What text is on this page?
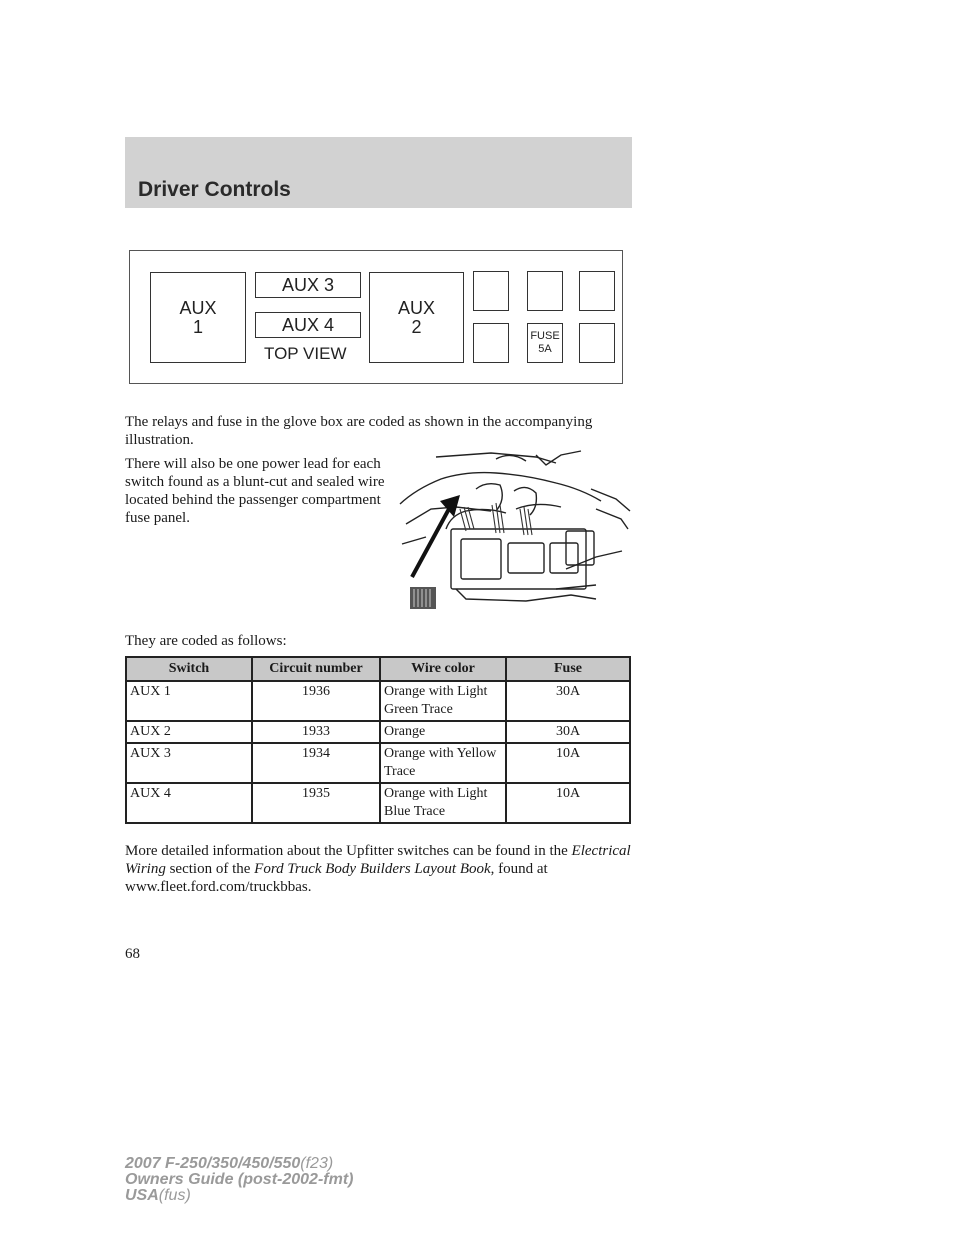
Driver Controls
AUX
1
AUX 3
AUX 4
TOP VIEW
AUX
2	FUSE
5A

The relays and fuse in the glove box are coded as shown in the accompanying illustration.

There will also be one power lead for each switch found as a blunt-cut and sealed wire located behind the passenger compartment fuse panel.

They are coded as follows:

Switch	Circuit number	Wire color	Fuse
AUX 1	1936	Orange with Light Green Trace	30A
AUX 2	1933	Orange	30A
AUX 3	1934	Orange with Yellow Trace	10A
AUX 4	1935	Orange with Light Blue Trace	10A

More detailed information about the Upfitter switches can be found in the Electrical Wiring section of the Ford Truck Body Builders Layout Book, found at www.fleet.ford.com/truckbbas.

68

2007 F-250/350/450/550(f23)
Owners Guide (post-2002-fmt)
USA(fus)
